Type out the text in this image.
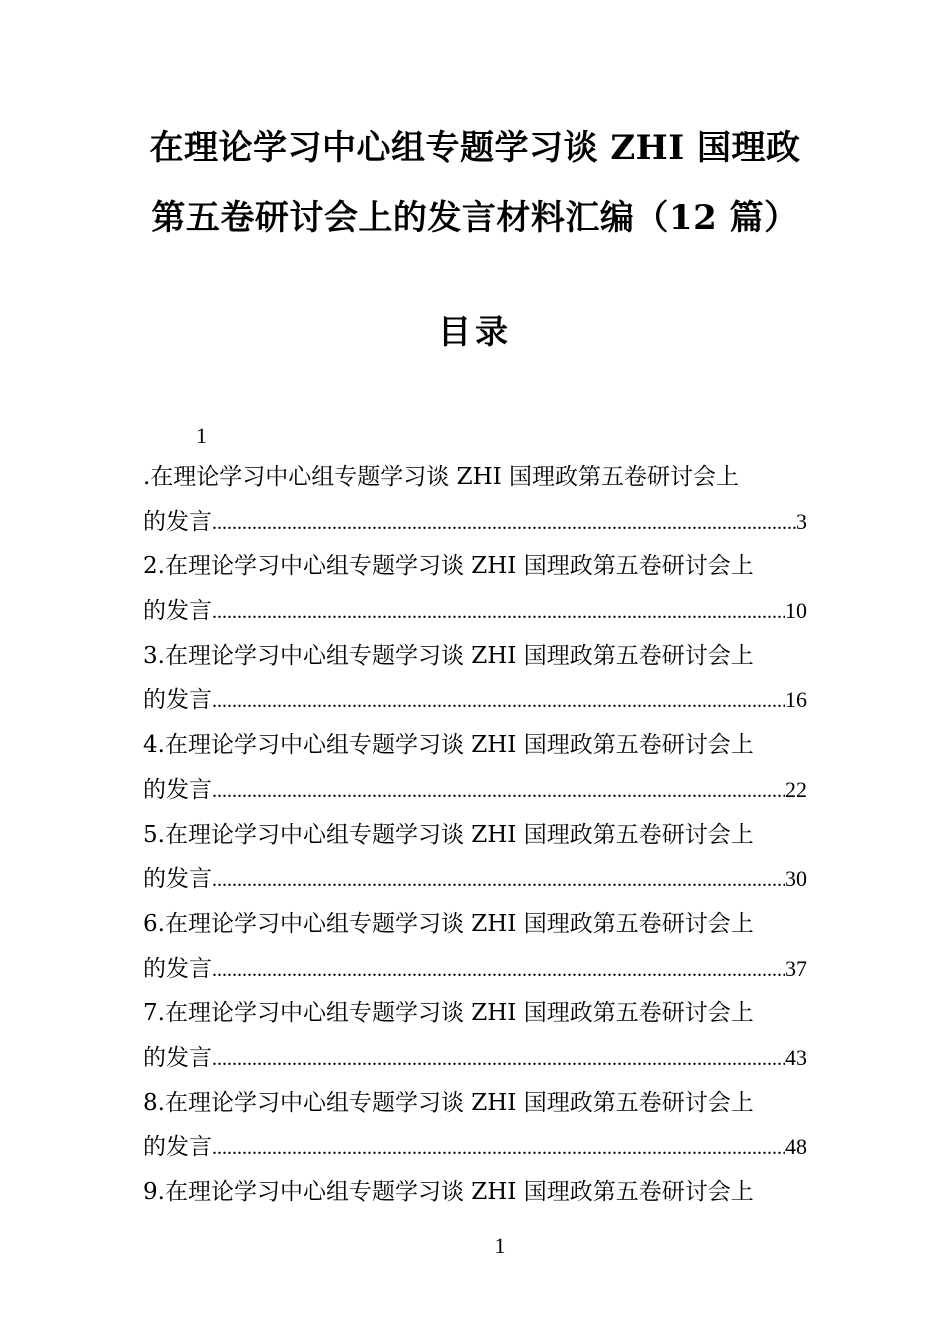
在理论学习中心组专题学习谈 ZHI 国理政
第五卷研讨会上的发言材料汇编（12 篇）
目录
1
.在理论学习中心组专题学习谈 ZHI 国理政第五卷研讨会上
的发言 .....	3
2.在理论学习中心组专题学习谈 ZHI 国理政第五卷研讨会上
的发言 .....	10
3.在理论学习中心组专题学习谈 ZHI 国理政第五卷研讨会上
的发言 .....	16
4.在理论学习中心组专题学习谈 ZHI 国理政第五卷研讨会上
的发言 .....	22
5.在理论学习中心组专题学习谈 ZHI 国理政第五卷研讨会上
的发言 .....	30
6.在理论学习中心组专题学习谈 ZHI 国理政第五卷研讨会上
的发言 .....	37
7.在理论学习中心组专题学习谈 ZHI 国理政第五卷研讨会上
的发言 .....	43
8.在理论学习中心组专题学习谈 ZHI 国理政第五卷研讨会上
的发言 .....	48
9.在理论学习中心组专题学习谈 ZHI 国理政第五卷研讨会上
1
